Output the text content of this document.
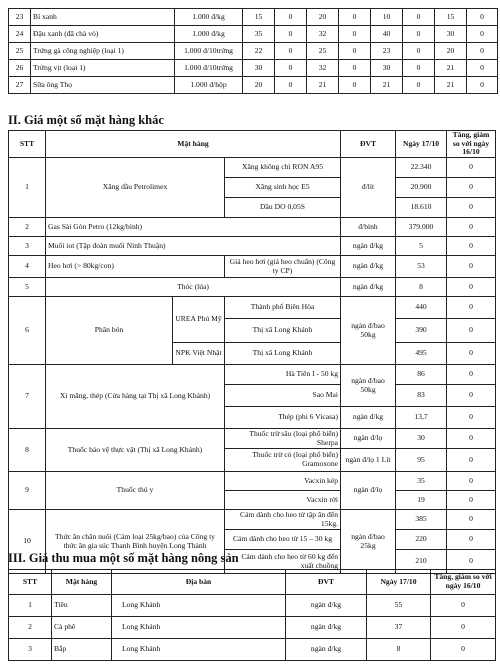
23	Bí xanh	1.000 đ/kg	15	0	20	0	10	0	15	0
24	Đậu xanh (đã chà vỏ)	1.000 đ/kg	35	0	32	0	40	0	30	0
25	Trứng gà công nghiệp (loại 1)	1.000 đ/10trứng	22	0	25	0	23	0	20	0
26	Trứng vịt (loại 1)	1.000 đ/10trứng	30	0	32	0	30	0	21	0
27	Sữa ông Thọ	1.000 đ/hộp	20	0	21	0	21	0	21	0
II. Giá một số mặt hàng khác
STT	Mặt hàng			ĐVT	Ngày 17/10	Tăng, giảm so với ngày 16/10
1	Xăng dầu Petrolimex		Xăng không chì RON A95	đ/lít	22.340	0
			Xăng sinh học E5		20.900	0
			Dầu DO 0,05S		18.610	0
2	Gas Sài Gòn Petro (12kg/bình)			đ/bình	379.000	0
3	Muối iot (Tập đoàn muối Ninh Thuận)			ngàn đ/kg	5	0
4	Heo hơi (> 80kg/con)		Giá heo hơi (giá heo chuẩn) (Công ty CP)	ngàn đ/kg	53	0
5	Thóc (lúa)			ngàn đ/kg	8	0
6	Phân bón	UREA Phú Mỹ	Thành phố Biên Hòa	ngàn đ/bao 50kg	440	0
			Thị xã Long Khánh		390	0
		NPK Việt Nhật	Thị xã Long Khánh		495	0
7	Xi măng, thép (Cửa hàng tại Thị xã Long Khánh)		Hà Tiên I - 50 kg	ngàn đ/bao 50kg	86	0
			Sao Mai		83	0
			Thép (phi 6 Vicasa)	ngàn đ/kg	13,7	0
8	Thuốc bảo vệ thực vật (Thị xã Long Khánh)		Thuốc trừ sâu (loại phổ biến) Sherpa	ngàn đ/lọ	30	0
			Thuốc trừ cỏ (loại phổ biến) Gramoxone	ngàn đ/lọ 1 Lít	95	0
9	Thuốc thú y		Vacxin kép	ngàn đ/lọ	35	0
			Vacxin rời		19	0
10	Thức ăn chăn nuôi (Cám loại 25kg/bao) của Công ty thức ăn gia súc Thanh Bình huyện Long Thành		Cám dành cho heo từ tập ăn đến 15kg.	ngàn đ/bao 25kg	385	0
			Cám dành cho heo từ 15 – 30 kg		220	0
			Cám dành cho heo từ 60 kg đến xuất chuồng		210	0
III. Giá thu mua một số mặt hàng nông sản
STT	Mặt hàng	Địa bàn	ĐVT	Ngày 17/10	Tăng, giảm so với ngày 16/10
1	Tiêu	Long Khánh	ngàn đ/kg	55	0
2	Cà phê	Long Khánh	ngàn đ/kg	37	0
3	Bắp	Long Khánh	ngàn đ/kg	8	0
